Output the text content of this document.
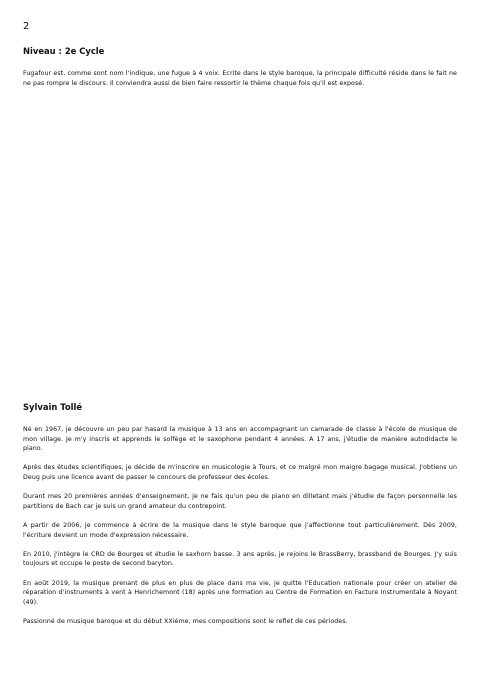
2
Niveau : 2e Cycle

Fugafour est, comme sont nom l'indique, une fugue à 4 voix. Ecrite dans le style baroque, la principale difficulté réside dans le fait ne ne pas rompre le discours. Il conviendra aussi de bien faire ressortir le thème chaque fois qu'il est exposé.

Sylvain Tollé

Né en 1967, je découvre un peu par hasard la musique à 13 ans en accompagnant un camarade de classe à l'école de musique de mon village. Je m'y inscris et apprends le solfège et le saxophone pendant 4 années. A 17 ans, j'étudie de manière autodidacte le piano.

Après des études scientifiques, je décide de m'inscrire en musicologie à Tours, et ce malgré mon maigre bagage musical. J'obtiens un Deug puis une licence avant de passer le concours de professeur des écoles.

Durant mes 20 premières années d'enseignement, je ne fais qu'un peu de piano en dilletant mais j'étudie de façon personnelle les partitions de Bach car je suis un grand amateur du contrepoint.

A partir de 2006, je commence à écrire de la musique dans le style baroque que j'affectionne tout particulièrement. Dès 2009, l'écriture devient un mode d'expression nécessaire.

En 2010, j'intègre le CRD de Bourges et étudie le saxhorn basse. 3 ans après, je rejoins le BrassBerry, brassband de Bourges. J'y suis toujours et occupe le poste de second baryton.

En août 2019, la musique prenant de plus en plus de place dans ma vie, je quitte l'Education nationale pour créer un atelier de réparation d'instruments à vent à Henrichemont (18) après une formation au Centre de Formation en Facture Instrumentale à Noyant (49).

Passionné de musique baroque et du début XXième, mes compositions sont le reflet de ces périodes.
